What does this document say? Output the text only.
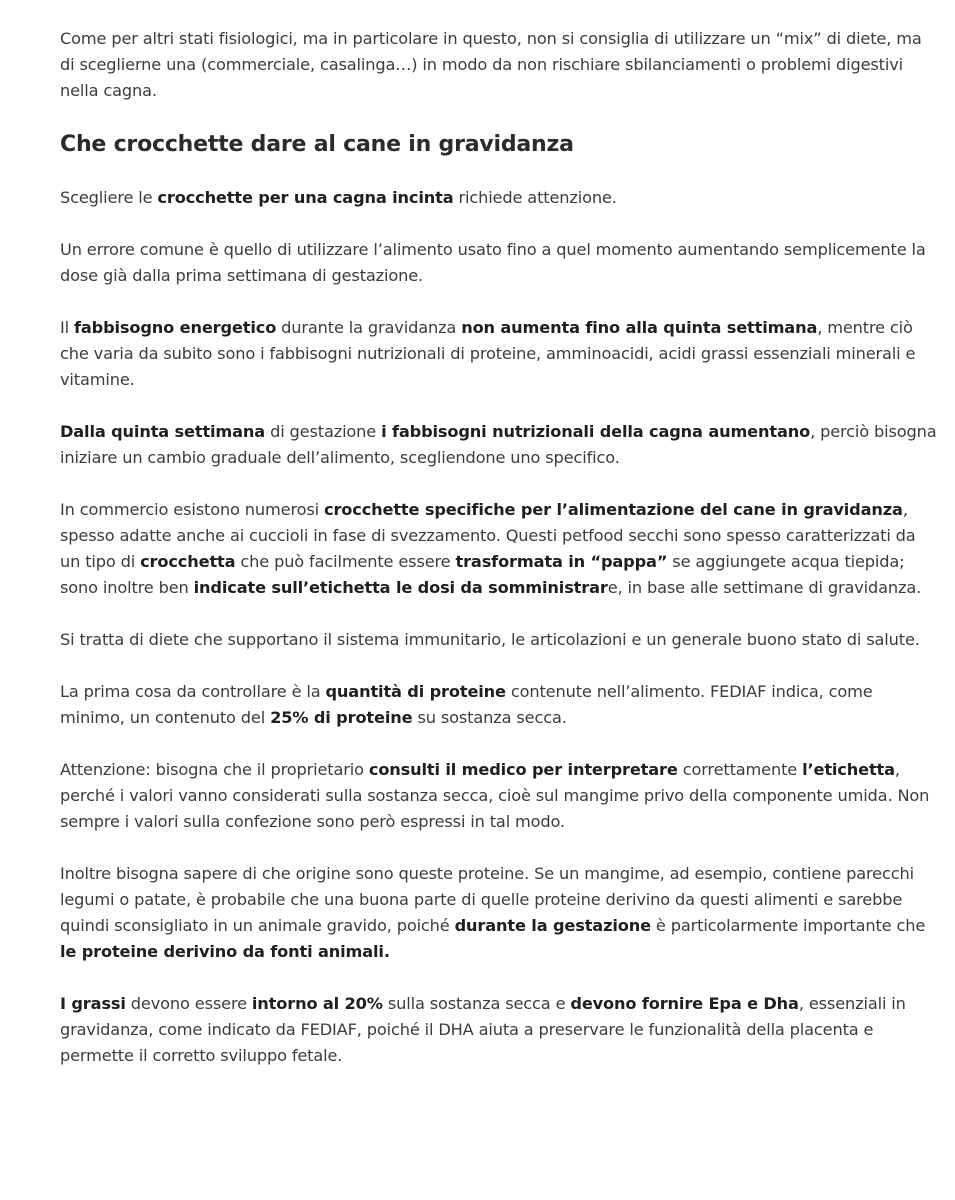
Come per altri stati fisiologici, ma in particolare in questo, non si consiglia di utilizzare un “mix” di diete, ma di sceglierne una (commerciale, casalinga…) in modo da non rischiare sbilanciamenti o problemi digestivi nella cagna.

Che crocchette dare al cane in gravidanza

Scegliere le crocchette per una cagna incinta richiede attenzione.

Un errore comune è quello di utilizzare l’alimento usato fino a quel momento aumentando semplicemente la dose già dalla prima settimana di gestazione.

Il fabbisogno energetico durante la gravidanza non aumenta fino alla quinta settimana, mentre ciò che varia da subito sono i fabbisogni nutrizionali di proteine, amminoacidi, acidi grassi essenziali minerali e vitamine.

Dalla quinta settimana di gestazione i fabbisogni nutrizionali della cagna aumentano, perciò bisogna iniziare un cambio graduale dell’alimento, scegliendone uno specifico.

In commercio esistono numerosi crocchette specifiche per l’alimentazione del cane in gravidanza, spesso adatte anche ai cuccioli in fase di svezzamento. Questi petfood secchi sono spesso caratterizzati da un tipo di crocchetta che può facilmente essere trasformata in “pappa” se aggiungete acqua tiepida; sono inoltre ben indicate sull’etichetta le dosi da somministrare, in base alle settimane di gravidanza.

Si tratta di diete che supportano il sistema immunitario, le articolazioni e un generale buono stato di salute.

La prima cosa da controllare è la quantità di proteine contenute nell’alimento. FEDIAF indica, come minimo, un contenuto del 25% di proteine su sostanza secca.

Attenzione: bisogna che il proprietario consulti il medico per interpretare correttamente l’etichetta, perché i valori vanno considerati sulla sostanza secca, cioè sul mangime privo della componente umida. Non sempre i valori sulla confezione sono però espressi in tal modo.

Inoltre bisogna sapere di che origine sono queste proteine. Se un mangime, ad esempio, contiene parecchi legumi o patate, è probabile che una buona parte di quelle proteine derivino da questi alimenti e sarebbe quindi sconsigliato in un animale gravido, poiché durante la gestazione è particolarmente importante che le proteine derivino da fonti animali.

I grassi devono essere intorno al 20% sulla sostanza secca e devono fornire Epa e Dha, essenziali in gravidanza, come indicato da FEDIAF, poiché il DHA aiuta a preservare le funzionalità della placenta e permette il corretto sviluppo fetale.
